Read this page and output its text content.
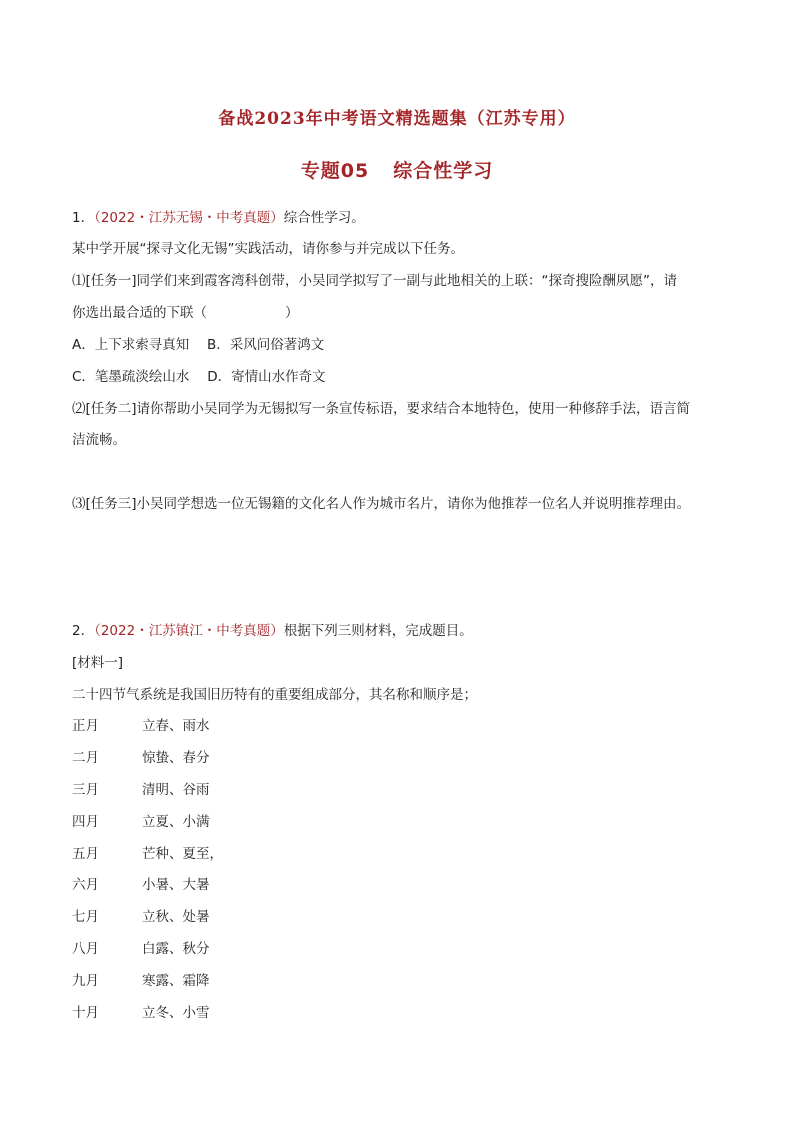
备战2023年中考语文精选题集（江苏专用）
专题05 综合性学习
1．（2022・江苏无锡・中考真题）综合性学习。
某中学开展“探寻文化无锡”实践活动，请你参与并完成以下任务。
⑴[任务一]同学们来到霞客湾科创带，小吴同学拟写了一副与此地相关的上联：“探奇搜险酬夙愿”，请
你选出最合适的下联（	）
A．上下求索寻真知　 B．采风问俗著鸿文
C．笔墨疏淡绘山水　 D．寄情山水作奇文
⑵[任务二]请你帮助小吴同学为无锡拟写一条宣传标语，要求结合本地特色，使用一种修辞手法，语言简
洁流畅。
⑶[任务三]小吴同学想选一位无锡籍的文化名人作为城市名片，请你为他推荐一位名人并说明推荐理由。
2．（2022・江苏镇江・中考真题）根据下列三则材料，完成题目。
[材料一]
二十四节气系统是我国旧历特有的重要组成部分，其名称和顺序是；
正月	立春、雨水
二月	惊蛰、春分
三月	清明、谷雨
四月	立夏、小满
五月	芒种、夏至，
六月	小暑、大暑
七月	立秋、处暑
八月	白露、秋分
九月	寒露、霜降
十月	立冬、小雪
